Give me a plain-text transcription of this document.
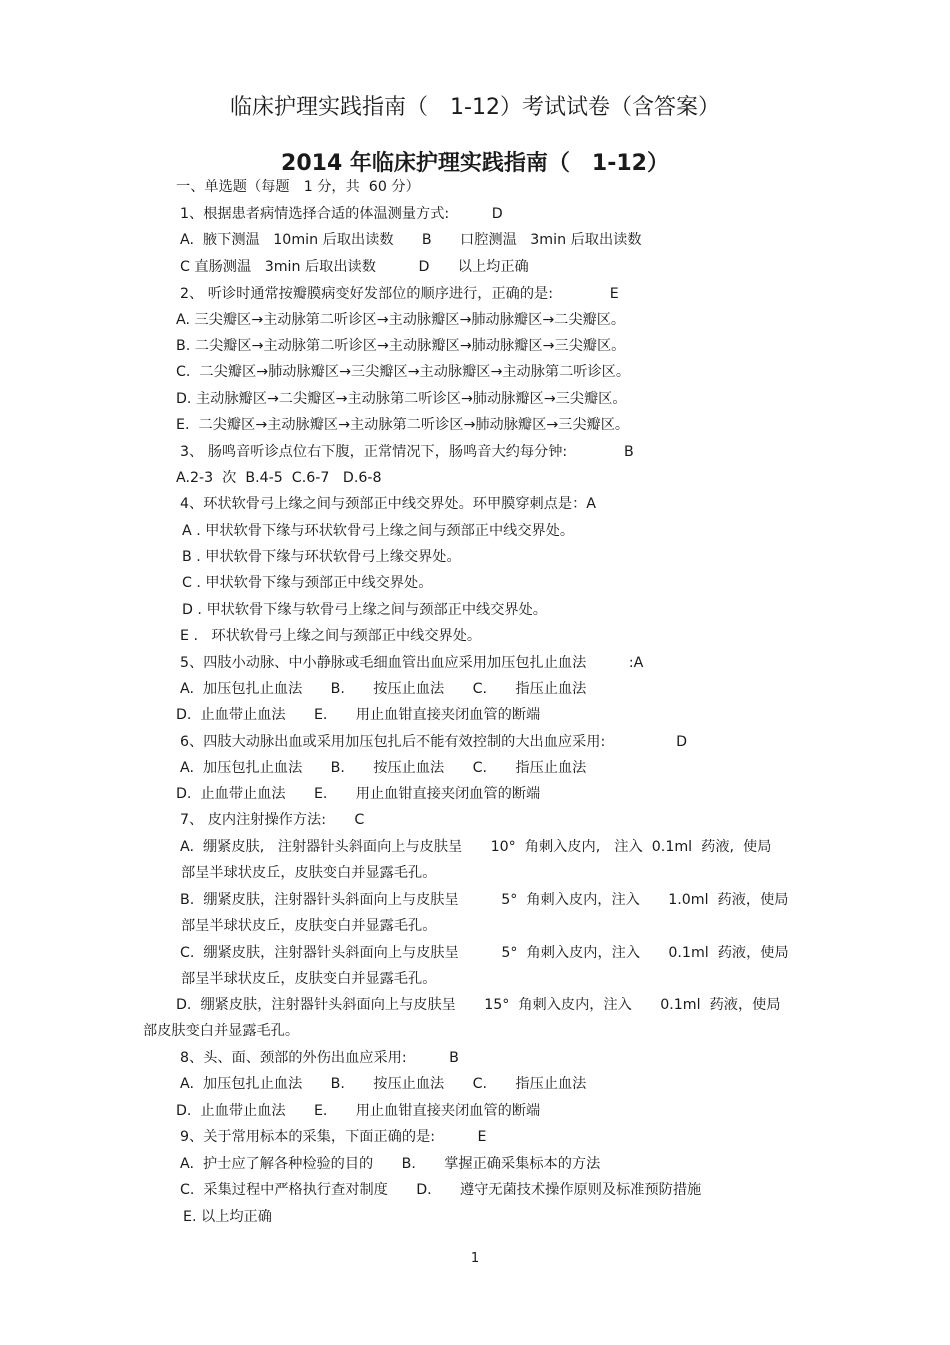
临床护理实践指南（　1-12）考试试卷（含答案）
2014 年临床护理实践指南（　1-12）
一、单选题（每题　1 分，共  60 分）
1、根据患者病情选择合适的体温测量方式:　　　D
A.  腋下测温   10min 后取出读数　　B　　口腔测温   3min 后取出读数
C 直肠测温   3min 后取出读数　　　D　　以上均正确
2、 听诊时通常按瓣膜病变好发部位的顺序进行，正确的是:　　　　E
A. 三尖瓣区→主动脉第二听诊区→主动脉瓣区→肺动脉瓣区→二尖瓣区。
B. 二尖瓣区→主动脉第二听诊区→主动脉瓣区→肺动脉瓣区→三尖瓣区。
C.  二尖瓣区→肺动脉瓣区→三尖瓣区→主动脉瓣区→主动脉第二听诊区。
D. 主动脉瓣区→二尖瓣区→主动脉第二听诊区→肺动脉瓣区→三尖瓣区。
E.  二尖瓣区→主动脉瓣区→主动脉第二听诊区→肺动脉瓣区→三尖瓣区。
3、 肠鸣音听诊点位右下腹，正常情况下，肠鸣音大约每分钟:　　　　B
A.2-3  次  B.4-5  C.6-7   D.6-8
4、环状软骨弓上缘之间与颈部正中线交界处。环甲膜穿刺点是：A
A . 甲状软骨下缘与环状软骨弓上缘之间与颈部正中线交界处。
B . 甲状软骨下缘与环状软骨弓上缘交界处。
C . 甲状软骨下缘与颈部正中线交界处。
D . 甲状软骨下缘与软骨弓上缘之间与颈部正中线交界处。
E .   环状软骨弓上缘之间与颈部正中线交界处。
5、四肢小动脉、中小静脉或毛细血管出血应采用加压包扎止血法　　　:A
A.  加压包扎止血法　　B.　　按压止血法　　C.　　指压止血法
D.  止血带止血法　　E.　　用止血钳直接夹闭血管的断端
6、四肢大动脉出血或采用加压包扎后不能有效控制的大出血应采用:　　　　　D
A.  加压包扎止血法　　B.　　按压止血法　　C.　　指压止血法
D.  止血带止血法　　E.　　用止血钳直接夹闭血管的断端
7、 皮内注射操作方法:　　C
A.  绷紧皮肤,   注射器针头斜面向上与皮肤呈　　10°  角刺入皮内,　注入  0.1ml  药液,  使局
部呈半球状皮丘，皮肤变白并显露毛孔。
B.  绷紧皮肤，注射器针头斜面向上与皮肤呈　　　5°  角刺入皮内，注入　　1.0ml  药液，使局
部呈半球状皮丘，皮肤变白并显露毛孔。
C.  绷紧皮肤，注射器针头斜面向上与皮肤呈　　　5°  角刺入皮内，注入　　0.1ml  药液，使局
部呈半球状皮丘，皮肤变白并显露毛孔。
D.  绷紧皮肤，注射器针头斜面向上与皮肤呈　　15°  角刺入皮内，注入　　0.1ml  药液，使局
部皮肤变白并显露毛孔。
8、头、面、颈部的外伤出血应采用:　　　B
A.  加压包扎止血法　　B.　　按压止血法　　C.　　指压止血法
D.  止血带止血法　　E.　　用止血钳直接夹闭血管的断端
9、关于常用标本的采集，下面正确的是:　　　E
A.  护士应了解各种检验的目的　　B.　　掌握正确采集标本的方法
C.  采集过程中严格执行查对制度　　D.　　遵守无菌技术操作原则及标准预防措施
E. 以上均正确
1
